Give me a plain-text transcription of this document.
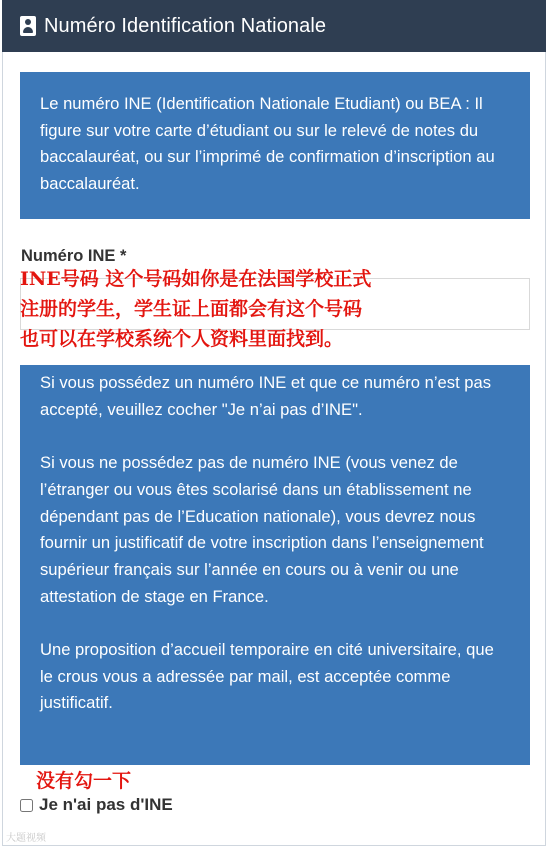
Numéro Identification Nationale

Le numéro INE (Identification Nationale Etudiant) ou BEA : Il figure sur votre carte d’étudiant ou sur le relevé de notes du baccalauréat, ou sur l’imprimé de confirmation d’inscription au baccalauréat.

Numéro INE *
INE号码 这个号码如你是在法国学校正式
注册的学生，学生证上面都会有这个号码
也可以在学校系统个人资料里面找到。

Si vous possédez un numéro INE et que ce numéro n’est pas accepté, veuillez cocher "Je n’ai pas d’INE".

Si vous ne possédez pas de numéro INE (vous venez de l’étranger ou vous êtes scolarisé dans un établissement ne dépendant pas de l’Education nationale), vous devrez nous fournir un justificatif de votre inscription dans l’enseignement supérieur français sur l’année en cours ou à venir ou une attestation de stage en France.

Une proposition d’accueil temporaire en cité universitaire, que le crous vous a adressée par mail, est acceptée comme justificatif.

没有勾一下
Je n'ai pas d'INE
大题视频
